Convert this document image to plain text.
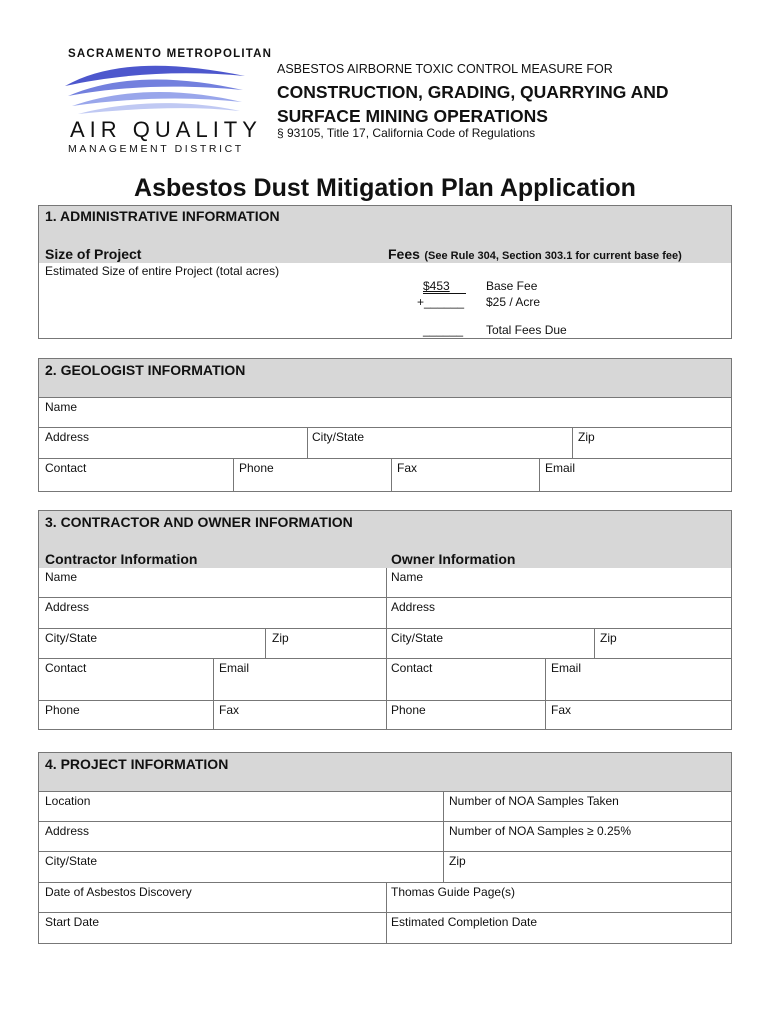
SACRAMENTO METROPOLITAN
AIR QUALITY
MANAGEMENT DISTRICT
ASBESTOS AIRBORNE TOXIC CONTROL MEASURE FOR
CONSTRUCTION, GRADING, QUARRYING AND
SURFACE MINING OPERATIONS
§ 93105, Title 17, California Code of Regulations
Asbestos Dust Mitigation Plan Application
1. ADMINISTRATIVE INFORMATION
Size of Project	Fees (See Rule 304, Section 303.1 for current base fee)
Estimated Size of entire Project (total acres)
$453	Base Fee
+______ $25 / Acre
______ Total Fees Due
2. GEOLOGIST INFORMATION
Name
Address	City/State	Zip
Contact	Phone	Fax	Email
3. CONTRACTOR AND OWNER INFORMATION
Contractor Information	Owner Information
Name	Name
Address	Address
City/State	Zip	City/State	Zip
Contact	Email	Contact	Email
Phone	Fax	Phone	Fax
4. PROJECT INFORMATION
Location	Number of NOA Samples Taken
Address	Number of NOA Samples ≥ 0.25%
City/State	Zip
Date of Asbestos Discovery	Thomas Guide Page(s)
Start Date	Estimated Completion Date
